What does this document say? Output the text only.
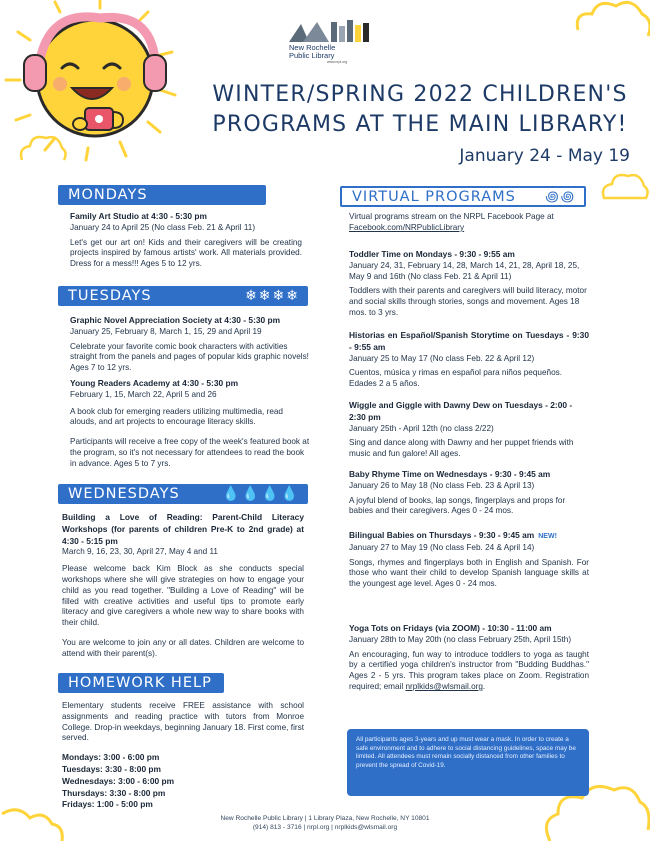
New Rochelle
Public Library
www.nrpl.org
WINTER/SPRING 2022 CHILDREN'S
PROGRAMS AT THE MAIN LIBRARY!
January 24 - May 19
MONDAYS

Family Art Studio at 4:30 - 5:30 pm

January 24 to April 25 (No class Feb. 21 & April 11)

Let's get our art on! Kids and their caregivers will be creating projects inspired by famous artists' work. All materials provided. Dress for a mess!!! Ages 5 to 12 yrs.

TUESDAYS	❄❄❄❄

Graphic Novel Appreciation Society at 4:30 - 5:30 pm

January 25, February 8, March 1, 15, 29 and April 19

Celebrate your favorite comic book characters with activities straight from the panels and pages of popular kids graphic novels! Ages 7 to 12 yrs.

Young Readers Academy at 4:30 - 5:30 pm

February 1, 15, March 22, April 5 and 26

A book club for emerging readers utilizing multimedia, read alouds, and art projects to encourage literacy skills.

Participants will receive a free copy of the week's featured book at the program, so it's not necessary for attendees to read the book in advance. Ages 5 to 7 yrs.

WEDNESDAYS	💧💧💧💧

Building a Love of Reading: Parent-Child Literacy Workshops (for parents of children Pre-K to 2nd grade) at 4:30 - 5:15 pm

March 9, 16, 23, 30, April 27, May 4 and 11

Please welcome back Kim Block as she conducts special workshops where she will give strategies on how to engage your child as you read together. "Building a Love of Reading" will be filled with creative activities and useful tips to promote early literacy and give caregivers a whole new way to share books with their child.

You are welcome to join any or all dates. Children are welcome to attend with their parent(s).

HOMEWORK HELP

Elementary students receive FREE assistance with school assignments and reading practice with tutors from Monroe College. Drop-in weekdays, beginning January 18. First come, first served.

Mondays: 3:00 - 6:00 pm

Tuesdays: 3:30 - 8:00 pm

Wednesdays: 3:00 - 6:00 pm

Thursdays: 3:30 - 8:00 pm

Fridays: 1:00 - 5:00 pm

VIRTUAL PROGRAMS ꩜꩜

Virtual programs stream on the NRPL Facebook Page at

Facebook.com/NRPublicLibrary

Toddler Time on Mondays - 9:30 - 9:55 am

January 24, 31, February 14, 28, March 14, 21, 28, April 18, 25, May 9 and 16th (No class Feb. 21 & April 11)

Toddlers with their parents and caregivers will build literacy, motor and social skills through stories, songs and movement. Ages 18 mos. to 3 yrs.

Historias en Español/Spanish Storytime on Tuesdays - 9:30 - 9:55 am

January 25 to May 17 (No class Feb. 22 & April 12)

Cuentos, música y rimas en español para niños pequeños. Edades 2 a 5 años.

Wiggle and Giggle with Dawny Dew on Tuesdays - 2:00 - 2:30 pm

January 25th - April 12th (no class 2/22)

Sing and dance along with Dawny and her puppet friends with music and fun galore! All ages.

Baby Rhyme Time on Wednesdays - 9:30 - 9:45 am

January 26 to May 18 (No class Feb. 23 & April 13)

A joyful blend of books, lap songs, fingerplays and props for babies and their caregivers. Ages 0 - 24 mos.

Bilingual Babies on Thursdays - 9:30 - 9:45 am NEW!

January 27 to May 19 (No class Feb. 24 & April 14)

Songs, rhymes and fingerplays both in English and Spanish. For those who want their child to develop Spanish language skills at the youngest age level. Ages 0 - 24 mos.

Yoga Tots on Fridays (via ZOOM) - 10:30 - 11:00 am

January 28th to May 20th (no class February 25th, April 15th)

An encouraging, fun way to introduce toddlers to yoga as taught by a certified yoga children's instructor from "Budding Buddhas." Ages 2 - 5 yrs. This program takes place on Zoom. Registration required; email nrplkids@wlsmail.org.

All participants ages 3-years and up must wear a mask. In order to create a safe environment and to adhere to social distancing guidelines, space may be limited. All attendees must remain socially distanced from other families to prevent the spread of Covid-19.
New Rochelle Public Library | 1 Library Plaza, New Rochelle, NY 10801
(914) 813 - 3716 | nrpl.org | nrplkids@wlsmail.org
